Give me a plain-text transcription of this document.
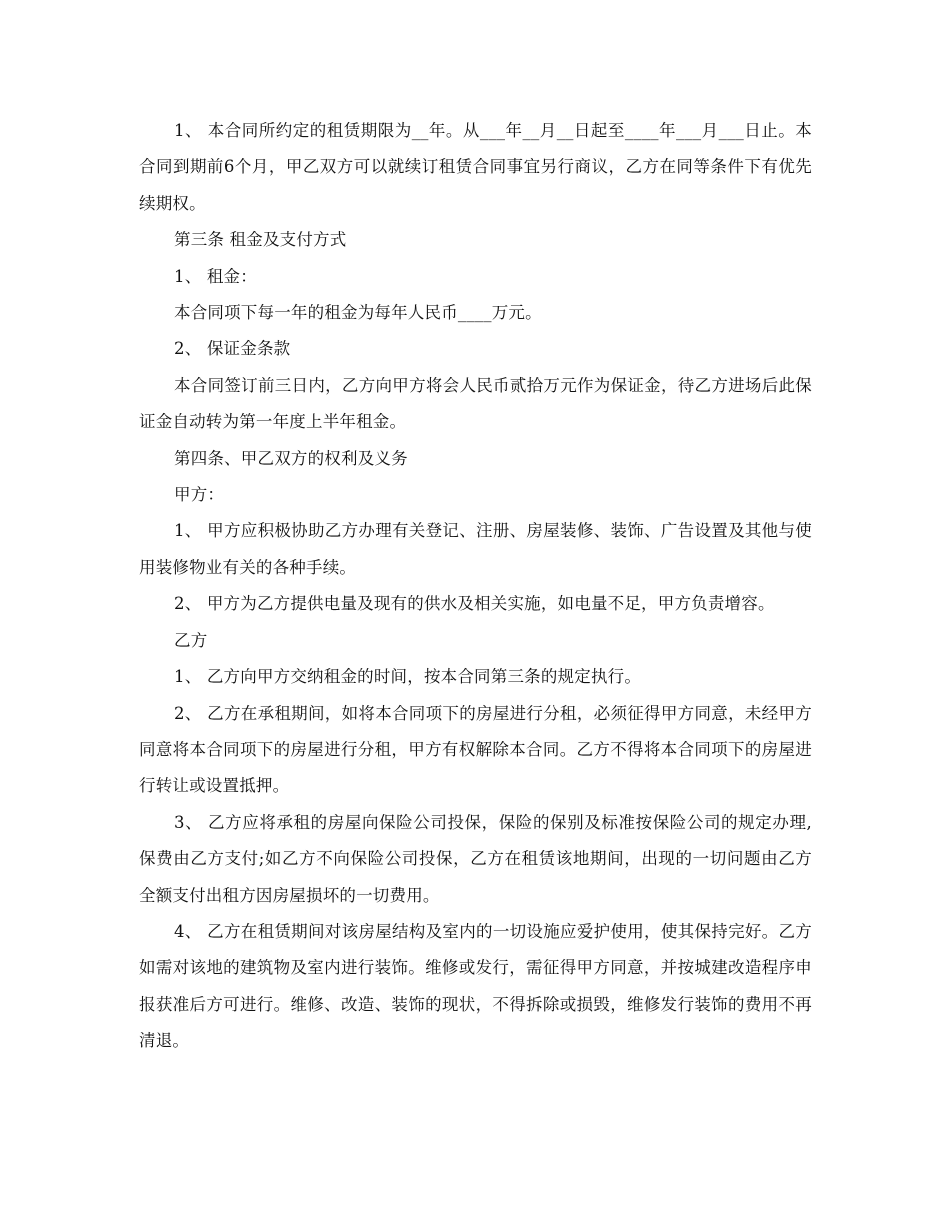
1、 本合同所约定的租赁期限为__年。从___年__月__日起至____年___月___日止。本合同到期前6个月，甲乙双方可以就续订租赁合同事宜另行商议，乙方在同等条件下有优先续期权。

第三条 租金及支付方式

1、 租金：

本合同项下每一年的租金为每年人民币____万元。

2、 保证金条款

本合同签订前三日内，乙方向甲方将会人民币贰拾万元作为保证金，待乙方进场后此保证金自动转为第一年度上半年租金。

第四条、甲乙双方的权利及义务

甲方：

1、 甲方应积极协助乙方办理有关登记、注册、房屋装修、装饰、广告设置及其他与使用装修物业有关的各种手续。

2、 甲方为乙方提供电量及现有的供水及相关实施，如电量不足，甲方负责增容。

乙方

1、 乙方向甲方交纳租金的时间，按本合同第三条的规定执行。

2、 乙方在承租期间，如将本合同项下的房屋进行分租，必须征得甲方同意，未经甲方同意将本合同项下的房屋进行分租，甲方有权解除本合同。乙方不得将本合同项下的房屋进行转让或设置抵押。

3、 乙方应将承租的房屋向保险公司投保，保险的保别及标准按保险公司的规定办理,保费由乙方支付;如乙方不向保险公司投保，乙方在租赁该地期间，出现的一切问题由乙方全额支付出租方因房屋损坏的一切费用。

4、 乙方在租赁期间对该房屋结构及室内的一切设施应爱护使用，使其保持完好。乙方如需对该地的建筑物及室内进行装饰。维修或发行，需征得甲方同意，并按城建改造程序申报获准后方可进行。维修、改造、装饰的现状，不得拆除或损毁，维修发行装饰的费用不再清退。
